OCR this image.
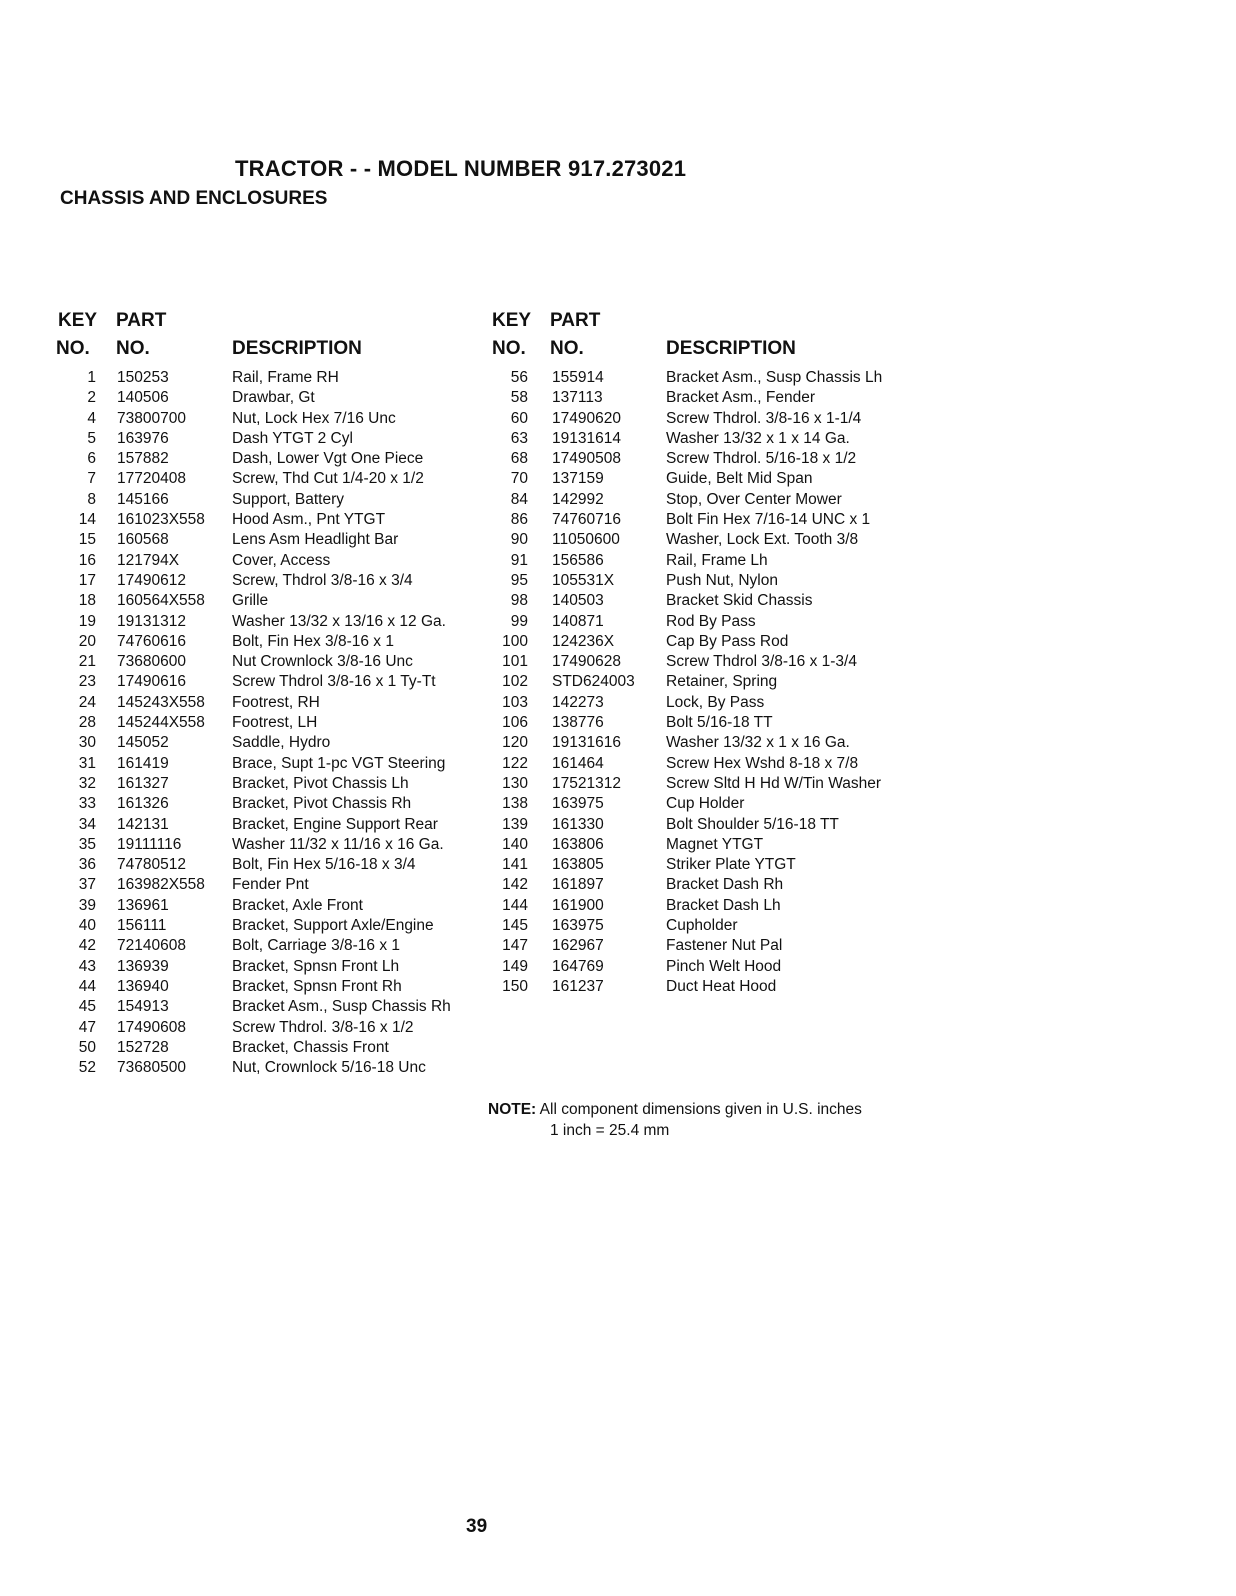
TRACTOR - - MODEL NUMBER 917.273021
CHASSIS AND ENCLOSURES
KEY PART
NO. NO.	DESCRIPTION
1 150253	Rail, Frame RH
2 140506	Drawbar, Gt
4 73800700	Nut, Lock Hex 7/16 Unc
5 163976	Dash YTGT 2 Cyl
6 157882	Dash, Lower Vgt One Piece
7 17720408	Screw, Thd Cut 1/4-20 x 1/2
8 145166	Support, Battery
14 161023X558 Hood Asm., Pnt YTGT
15 160568	Lens Asm Headlight Bar
16 121794X	Cover, Access
17 17490612	Screw, Thdrol 3/8-16 x 3/4
18 160564X558 Grille
19 19131312	Washer 13/32 x 13/16 x 12 Ga.
20 74760616	Bolt, Fin Hex 3/8-16 x 1
21 73680600	Nut Crownlock 3/8-16 Unc
23 17490616	Screw Thdrol 3/8-16 x 1 Ty-Tt
24 145243X558 Footrest, RH
28 145244X558 Footrest, LH
30 145052	Saddle, Hydro
31 161419	Brace, Supt 1-pc VGT Steering
32 161327	Bracket, Pivot Chassis Lh
33 161326	Bracket, Pivot Chassis Rh
34 142131	Bracket, Engine Support Rear
35 19111116	Washer 11/32 x 11/16 x 16 Ga.
36 74780512	Bolt, Fin Hex 5/16-18 x 3/4
37 163982X558 Fender Pnt
39 136961	Bracket, Axle Front
40 156111	Bracket, Support Axle/Engine
42 72140608	Bolt, Carriage 3/8-16 x 1
43 136939	Bracket, Spnsn Front Lh
44 136940	Bracket, Spnsn Front Rh
45 154913	Bracket Asm., Susp Chassis Rh
47 17490608	Screw Thdrol. 3/8-16 x 1/2
50 152728	Bracket, Chassis Front
52 73680500	Nut, Crownlock 5/16-18 Unc
KEY PART
NO. NO.	DESCRIPTION
56 155914	Bracket Asm., Susp Chassis Lh
58 137113	Bracket Asm., Fender
60 17490620	Screw Thdrol. 3/8-16 x 1-1/4
63 19131614	Washer 13/32 x 1 x 14 Ga.
68 17490508	Screw Thdrol. 5/16-18 x 1/2
70 137159	Guide, Belt Mid Span
84 142992	Stop, Over Center Mower
86 74760716	Bolt Fin Hex 7/16-14 UNC x 1
90 11050600	Washer, Lock Ext. Tooth 3/8
91 156586	Rail, Frame Lh
95 105531X	Push Nut, Nylon
98 140503	Bracket Skid Chassis
99 140871	Rod By Pass
100 124236X	Cap By Pass Rod
101 17490628	Screw Thdrol 3/8-16 x 1-3/4
102 STD624003 Retainer, Spring
103 142273	Lock, By Pass
106 138776	Bolt 5/16-18 TT
120 19131616	Washer 13/32 x 1 x 16 Ga.
122 161464	Screw Hex Wshd 8-18 x 7/8
130 17521312	Screw Sltd H Hd W/Tin Washer
138 163975	Cup Holder
139 161330	Bolt Shoulder 5/16-18 TT
140 163806	Magnet YTGT
141 163805	Striker Plate YTGT
142 161897	Bracket Dash Rh
144 161900	Bracket Dash Lh
145 163975	Cupholder
147 162967	Fastener Nut Pal
149 164769	Pinch Welt Hood
150 161237	Duct Heat Hood
NOTE: All component dimensions given in U.S. inches
1 inch = 25.4 mm
39
